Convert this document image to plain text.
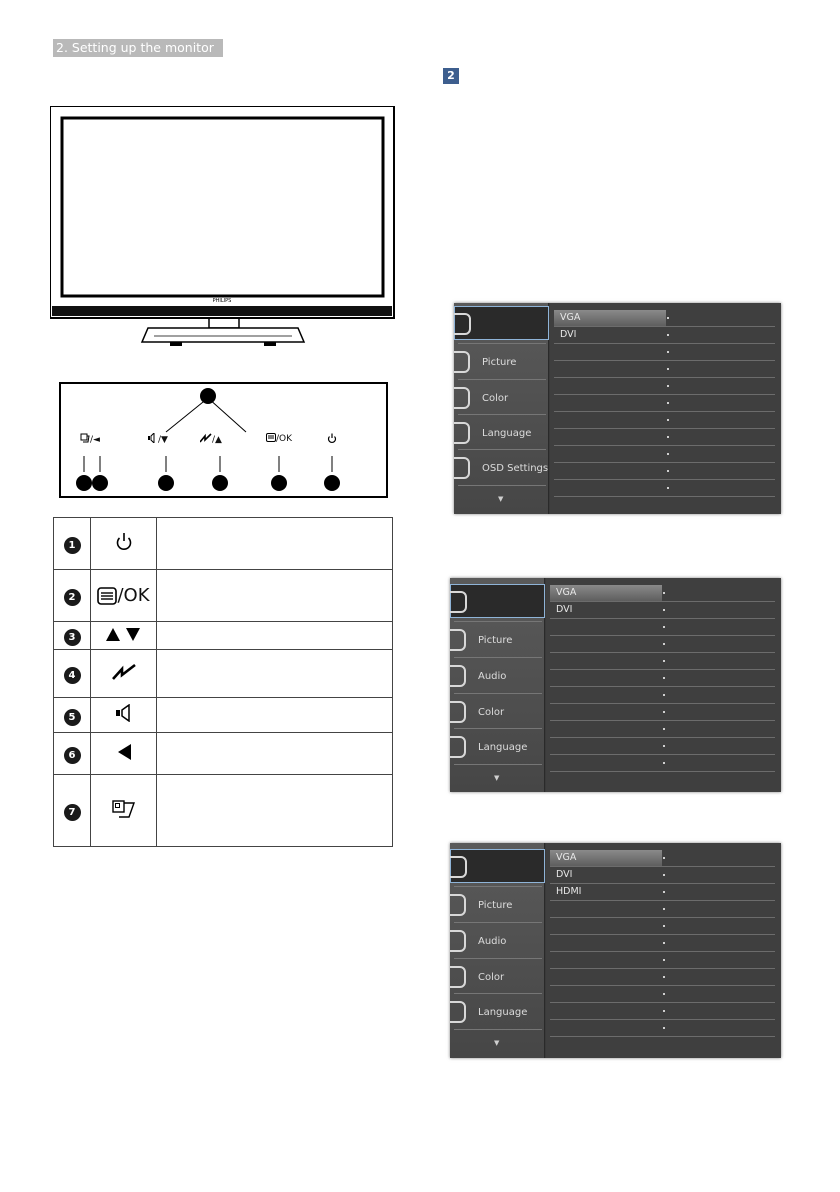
2. Setting up the monitor
2
PHILIPS
/◄	/▼	/▲	/OK
1		
2	/OK	
3		
4		
5		
6		
7		
Picture
Color
Language
OSD Settings
▼
VGA
DVI
Picture
Audio
Color
Language
▼
VGA
DVI
Picture
Audio
Color
Language
▼
VGA
DVI
HDMI
